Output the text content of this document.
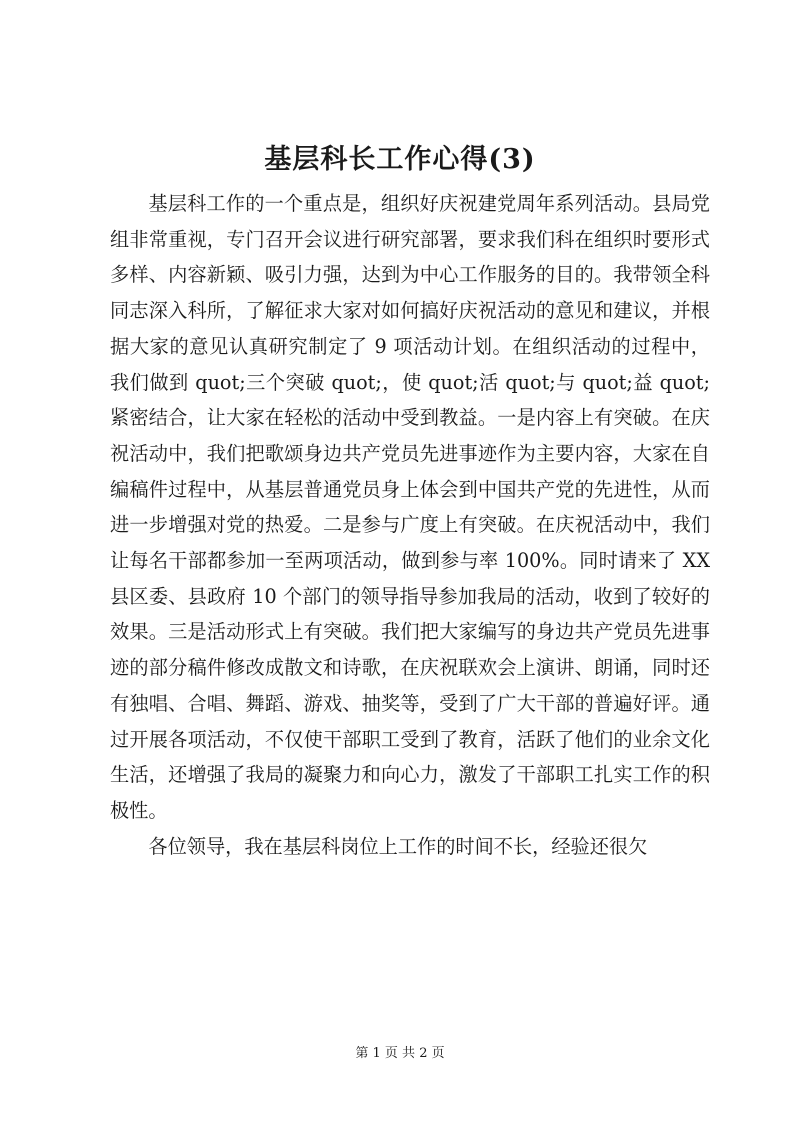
基层科长工作心得(3)

基层科工作的一个重点是，组织好庆祝建党周年系列活动。县局党组非常重视，专门召开会议进行研究部署，要求我们科在组织时要形式多样、内容新颖、吸引力强，达到为中心工作服务的目的。我带领全科同志深入科所，了解征求大家对如何搞好庆祝活动的意见和建议，并根据大家的意见认真研究制定了 9 项活动计划。在组织活动的过程中，我们做到 quot;三个突破 quot;，使 quot;活 quot;与 quot;益 quot;紧密结合，让大家在轻松的活动中受到教益。一是内容上有突破。在庆祝活动中，我们把歌颂身边共产党员先进事迹作为主要内容，大家在自编稿件过程中，从基层普通党员身上体会到中国共产党的先进性，从而进一步增强对党的热爱。二是参与广度上有突破。在庆祝活动中，我们让每名干部都参加一至两项活动，做到参与率 100%。同时请来了 XX 县区委、县政府 10 个部门的领导指导参加我局的活动，收到了较好的效果。三是活动形式上有突破。我们把大家编写的身边共产党员先进事迹的部分稿件修改成散文和诗歌，在庆祝联欢会上演讲、朗诵，同时还有独唱、合唱、舞蹈、游戏、抽奖等，受到了广大干部的普遍好评。通过开展各项活动，不仅使干部职工受到了教育，活跃了他们的业余文化生活，还增强了我局的凝聚力和向心力，激发了干部职工扎实工作的积极性。

各位领导，我在基层科岗位上工作的时间不长，经验还很欠

第 1 页 共 2 页
